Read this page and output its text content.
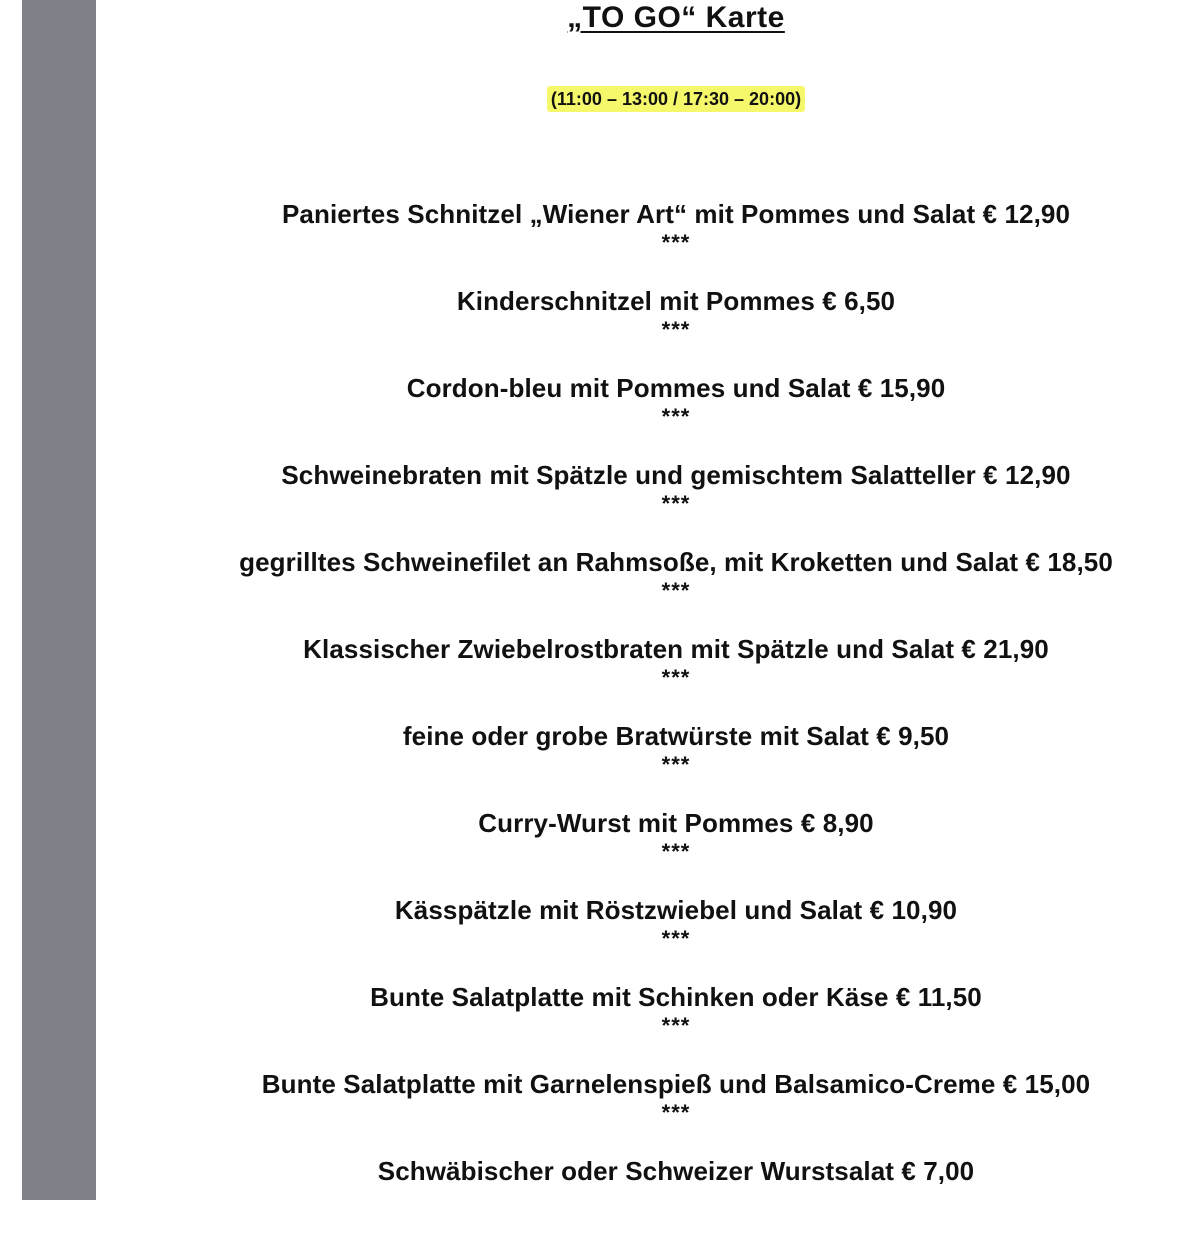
„TO GO“ Karte
(11:00 – 13:00 / 17:30 – 20:00)
Paniertes Schnitzel „Wiener Art“ mit Pommes und Salat € 12,90
***
Kinderschnitzel mit Pommes € 6,50
***
Cordon-bleu mit Pommes und Salat € 15,90
***
Schweinebraten mit Spätzle und gemischtem Salatteller € 12,90
***
gegrilltes Schweinefilet an Rahmsoße, mit Kroketten und Salat € 18,50
***
Klassischer Zwiebelrostbraten mit Spätzle und Salat € 21,90
***
feine oder grobe Bratwürste mit Salat € 9,50
***
Curry-Wurst mit Pommes € 8,90
***
Kässpätzle mit Röstzwiebel und Salat € 10,90
***
Bunte Salatplatte mit Schinken oder Käse € 11,50
***
Bunte Salatplatte mit Garnelenspieß und Balsamico-Creme € 15,00
***
Schwäbischer oder Schweizer Wurstsalat € 7,00
